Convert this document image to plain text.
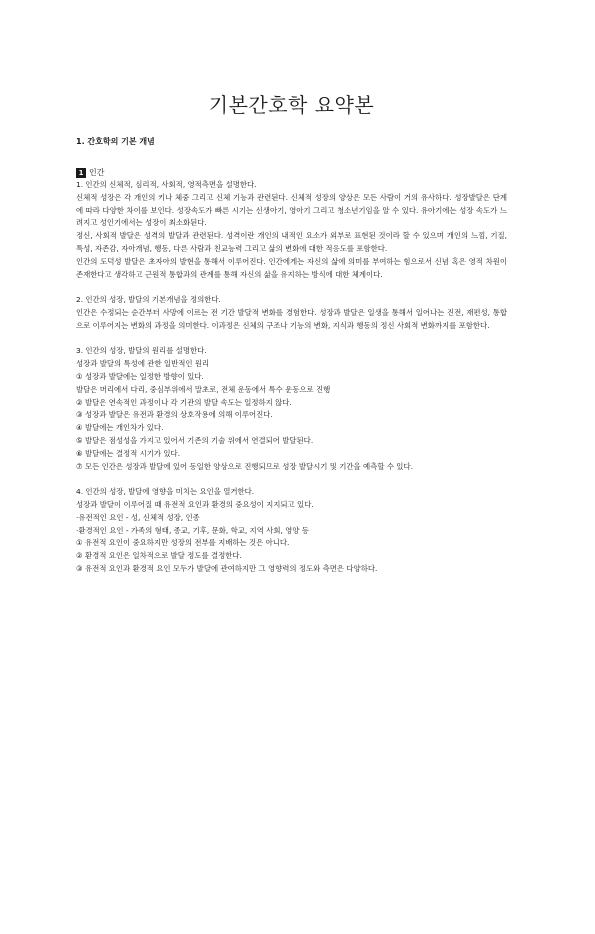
기본간호학 요약본
1. 간호학의 기본 개념
1 인간

1. 인간의 신체적, 심리적, 사회적, 영적측면을 설명한다.

신체적 성장은 각 개인의 키나 체중 그리고 신체 기능과 관련된다. 신체적 성장의 양상은 모든 사람이 거의 유사하다. 성장발달은 단계에 따라 다양한 차이를 보인다. 성장속도가 빠른 시기는 신생아기, 영아기 그리고 청소년기임을 알 수 있다. 유아기에는 성장 속도가 느려지고 성인기에서는 성장이 최소화된다.

정신, 사회적 발달은 성격의 발달과 관련된다. 성격이란 개인의 내적인 요소가 외부로 표현된 것이라 할 수 있으며 개인의 느낌, 기질, 특성, 자존감, 자아개념, 행동, 다른 사람과 친교능력 그리고 삶의 변화에 대한 적응도를 포함한다.

인간의 도덕성 발달은 초자아의 발현을 통해서 이루어진다. 인간에게는 자신의 삶에 의미를 부여하는 힘으로서 신념 혹은 영적 차원이 존재한다고 생각하고 근원적 통합과의 관계를 통해 자신의 삶을 유지하는 방식에 대한 체계이다.

2. 인간의 성장, 발달의 기본개념을 정의한다.

인간은 수정되는 순간부터 사망에 이르는 전 기간 발달적 변화를 경험한다. 성장과 발달은 일생을 통해서 일어나는 진전, 재편성, 통합으로 이루어지는 변화의 과정을 의미한다. 이과정은 신체의 구조나 기능의 변화, 지식과 행동의 정신 사회적 변화까지를 포함한다.

3. 인간의 성장, 발달의 원리를 설명한다.

성장과 발달의 특성에 관한 일반적인 원리

① 성장과 발달에는 일정한 방향이 있다.

발달은 머리에서 다리, 중심부위에서 말초로, 전체 운동에서 특수 운동으로 진행

② 발달은 연속적인 과정이나 각 기관의 발달 속도는 일정하지 않다.

③ 성장과 발달은 유전과 환경의 상호작용에 의해 이루어진다.

④ 발달에는 개인차가 있다.

⑤ 발달은 점성성을 가지고 있어서 기존의 기술 위에서 연결되어 발달된다.

⑥ 발달에는 결정적 시기가 있다.

⑦ 모든 인간은 성장과 발달에 있어 동일한 양상으로 진행되므로 성장 발달시기 및 기간을 예측할 수 있다.

4. 인간의 성장, 발달에 영향을 미치는 요인을 열거한다.

성장과 발달이 이루어질 때 유전적 요인과 환경의 중요성이 지지되고 있다.

·유전적인 요인 - 성, 신체적 성장, 인종

·환경적인 요인 - 가족의 형태, 종교, 기후, 문화, 학교, 지역 사회, 영양 등

① 유전적 요인이 중요하지만 성장의 전부를 지배하는 것은 아니다.

② 환경적 요인은 일차적으로 발달 정도를 결정한다.

③ 유전적 요인과 환경적 요인 모두가 발달에 관여하지만 그 영향력의 정도와 측면은 다양하다.
